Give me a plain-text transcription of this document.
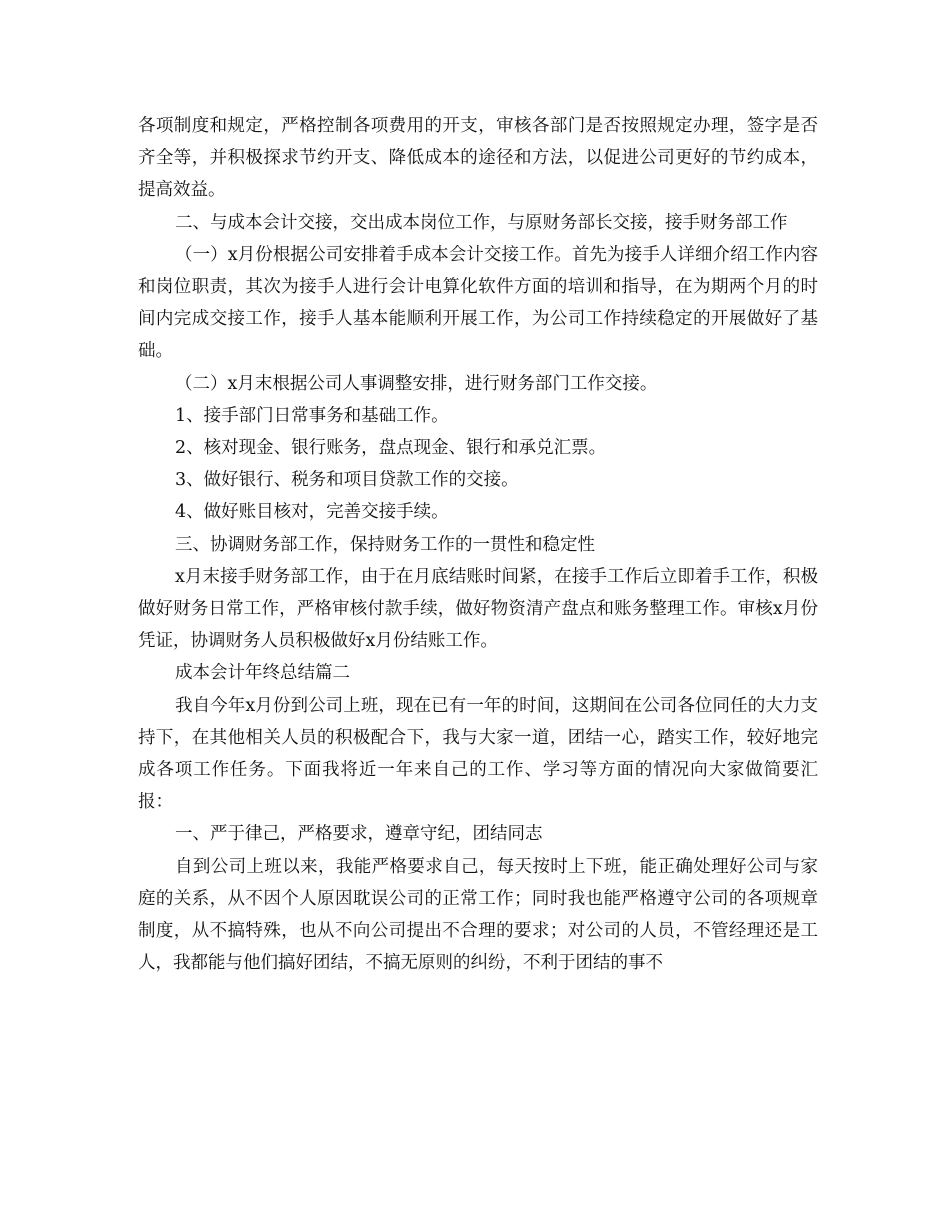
各项制度和规定，严格控制各项费用的开支，审核各部门是否按照规定办理，签字是否齐全等，并积极探求节约开支、降低成本的途径和方法，以促进公司更好的节约成本，提高效益。

二、与成本会计交接，交出成本岗位工作，与原财务部长交接，接手财务部工作

（一）x月份根据公司安排着手成本会计交接工作。首先为接手人详细介绍工作内容和岗位职责，其次为接手人进行会计电算化软件方面的培训和指导，在为期两个月的时间内完成交接工作，接手人基本能顺利开展工作，为公司工作持续稳定的开展做好了基础。

（二）x月末根据公司人事调整安排，进行财务部门工作交接。

1、接手部门日常事务和基础工作。

2、核对现金、银行账务，盘点现金、银行和承兑汇票。

3、做好银行、税务和项目贷款工作的交接。

4、做好账目核对，完善交接手续。

三、协调财务部工作，保持财务工作的一贯性和稳定性

x月末接手财务部工作，由于在月底结账时间紧，在接手工作后立即着手工作，积极做好财务日常工作，严格审核付款手续，做好物资清产盘点和账务整理工作。审核x月份凭证，协调财务人员积极做好x月份结账工作。

成本会计年终总结篇二

我自今年x月份到公司上班，现在已有一年的时间，这期间在公司各位同任的大力支持下，在其他相关人员的积极配合下，我与大家一道，团结一心，踏实工作，较好地完成各项工作任务。下面我将近一年来自己的工作、学习等方面的情况向大家做简要汇报：

一、严于律己，严格要求，遵章守纪，团结同志

自到公司上班以来，我能严格要求自己，每天按时上下班，能正确处理好公司与家庭的关系，从不因个人原因耽误公司的正常工作；同时我也能严格遵守公司的各项规章制度，从不搞特殊，也从不向公司提出不合理的要求；对公司的人员，不管经理还是工人，我都能与他们搞好团结，不搞无原则的纠纷，不利于团结的事不
